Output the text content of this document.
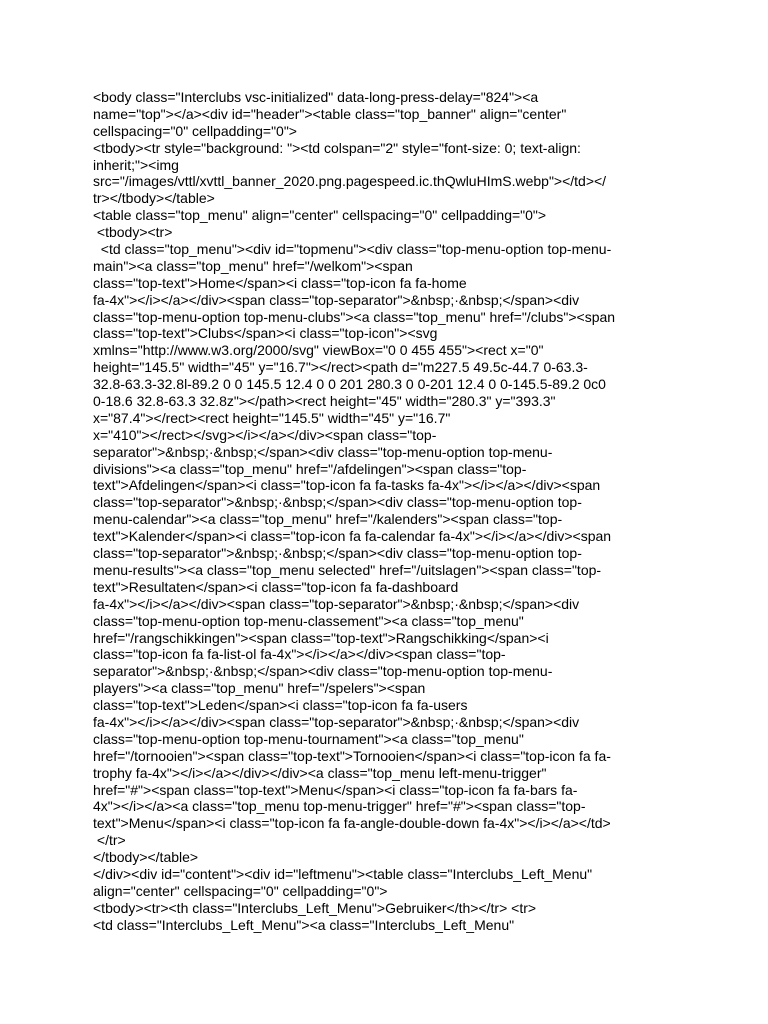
<body class="Interclubs vsc-initialized" data-long-press-delay="824"><a
name="top"></a><div id="header"><table class="top_banner" align="center"
cellspacing="0" cellpadding="0">
<tbody><tr style="background: "><td colspan="2" style="font-size: 0; text-align:
inherit;"><img
src="/images/vttl/xvttl_banner_2020.png.pagespeed.ic.thQwluHImS.webp"></td></
tr></tbody></table>
<table class="top_menu" align="center" cellspacing="0" cellpadding="0">
<tbody><tr>
<td class="top_menu"><div id="topmenu"><div class="top-menu-option top-menu-
main"><a class="top_menu" href="/welkom"><span
class="top-text">Home</span><i class="top-icon fa fa-home
fa-4x"></i></a></div><span class="top-separator">&nbsp;·&nbsp;</span><div
class="top-menu-option top-menu-clubs"><a class="top_menu" href="/clubs"><span
class="top-text">Clubs</span><i class="top-icon"><svg
xmlns="http://www.w3.org/2000/svg" viewBox="0 0 455 455"><rect x="0"
height="145.5" width="45" y="16.7"></rect><path d="m227.5 49.5c-44.7 0-63.3-
32.8-63.3-32.8l-89.2 0 0 145.5 12.4 0 0 201 280.3 0 0-201 12.4 0 0-145.5-89.2 0c0
0-18.6 32.8-63.3 32.8z"></path><rect height="45" width="280.3" y="393.3"
x="87.4"></rect><rect height="145.5" width="45" y="16.7"
x="410"></rect></svg></i></a></div><span class="top-
separator">&nbsp;·&nbsp;</span><div class="top-menu-option top-menu-
divisions"><a class="top_menu" href="/afdelingen"><span class="top-
text">Afdelingen</span><i class="top-icon fa fa-tasks fa-4x"></i></a></div><span
class="top-separator">&nbsp;·&nbsp;</span><div class="top-menu-option top-
menu-calendar"><a class="top_menu" href="/kalenders"><span class="top-
text">Kalender</span><i class="top-icon fa fa-calendar fa-4x"></i></a></div><span
class="top-separator">&nbsp;·&nbsp;</span><div class="top-menu-option top-
menu-results"><a class="top_menu selected" href="/uitslagen"><span class="top-
text">Resultaten</span><i class="top-icon fa fa-dashboard
fa-4x"></i></a></div><span class="top-separator">&nbsp;·&nbsp;</span><div
class="top-menu-option top-menu-classement"><a class="top_menu"
href="/rangschikkingen"><span class="top-text">Rangschikking</span><i
class="top-icon fa fa-list-ol fa-4x"></i></a></div><span class="top-
separator">&nbsp;·&nbsp;</span><div class="top-menu-option top-menu-
players"><a class="top_menu" href="/spelers"><span
class="top-text">Leden</span><i class="top-icon fa fa-users
fa-4x"></i></a></div><span class="top-separator">&nbsp;·&nbsp;</span><div
class="top-menu-option top-menu-tournament"><a class="top_menu"
href="/tornooien"><span class="top-text">Tornooien</span><i class="top-icon fa fa-
trophy fa-4x"></i></a></div></div><a class="top_menu left-menu-trigger"
href="#"><span class="top-text">Menu</span><i class="top-icon fa fa-bars fa-
4x"></i></a><a class="top_menu top-menu-trigger" href="#"><span class="top-
text">Menu</span><i class="top-icon fa fa-angle-double-down fa-4x"></i></a></td>
</tr>
</tbody></table>
</div><div id="content"><div id="leftmenu"><table class="Interclubs_Left_Menu"
align="center" cellspacing="0" cellpadding="0">
<tbody><tr><th class="Interclubs_Left_Menu">Gebruiker</th></tr> <tr>
<td class="Interclubs_Left_Menu"><a class="Interclubs_Left_Menu"
